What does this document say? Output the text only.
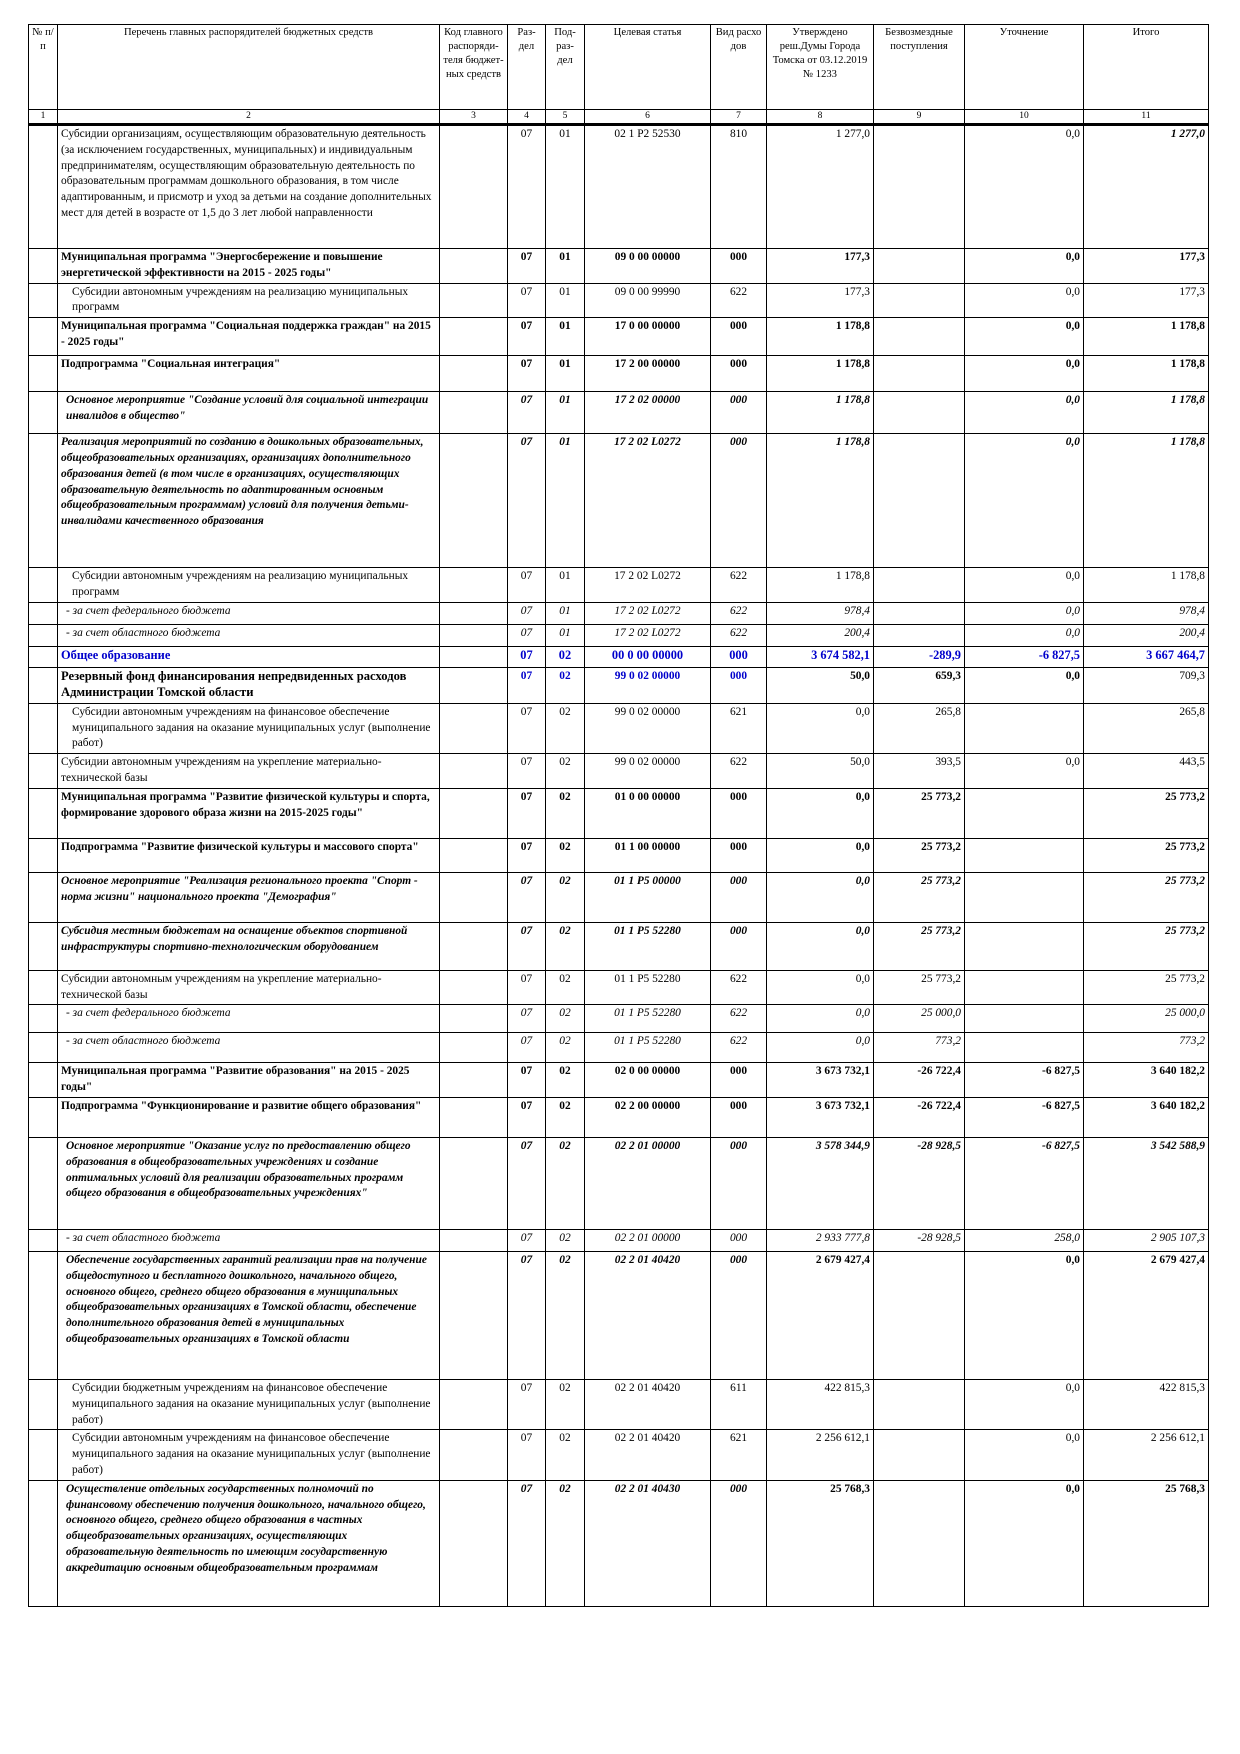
№ п/п	Перечень главных распорядителей бюджетных средств	Код главного распоряди-теля бюджет-ных средств	Раз-дел	Под-раз-дел	Целевая статья	Вид расхо дов	Утверждено реш.Думы Города Томска от 03.12.2019 № 1233	Безвозмездные поступления	Уточнение	Итого
1	2	3	4	5	6	7	8	9	10	11
	Субсидии организациям, осуществляющим образовательную деятельность (за исключением государственных, муниципальных) и индивидуальным предпринимателям, осуществляющим образовательную деятельность по образовательным программам дошкольного образования, в том числе адаптированным, и присмотр и уход за детьми на создание дополнительных мест для детей в возрасте от 1,5 до 3 лет любой направленности		07	01	02 1 P2 52530	810	1 277,0		0,0	1 277,0
	Муниципальная программа "Энергосбережение и повышение энергетической эффективности на 2015 - 2025 годы"		07	01	09 0 00 00000	000	177,3		0,0	177,3
	Субсидии автономным учреждениям на реализацию муниципальных программ		07	01	09 0 00 99990	622	177,3		0,0	177,3
	Муниципальная программа "Социальная поддержка граждан" на 2015 - 2025 годы"		07	01	17 0 00 00000	000	1 178,8		0,0	1 178,8
	Подпрограмма "Социальная интеграция"		07	01	17 2 00 00000	000	1 178,8		0,0	1 178,8
	Основное мероприятие "Создание условий для социальной интеграции инвалидов в общество"		07	01	17 2 02 00000	000	1 178,8		0,0	1 178,8
	Реализация мероприятий по созданию в дошкольных образовательных, общеобразовательных организациях, организациях дополнительного образования детей (в том числе в организациях, осуществляющих образовательную деятельность по адаптированным основным общеобразовательным программам) условий для получения детьми-инвалидами качественного образования		07	01	17 2 02 L0272	000	1 178,8		0,0	1 178,8
	Субсидии автономным учреждениям на реализацию муниципальных программ		07	01	17 2 02 L0272	622	1 178,8		0,0	1 178,8
	- за счет федерального бюджета		07	01	17 2 02 L0272	622	978,4		0,0	978,4
	- за счет областного бюджета		07	01	17 2 02 L0272	622	200,4		0,0	200,4
	Общее образование		07	02	00 0 00 00000	000	3 674 582,1	-289,9	-6 827,5	3 667 464,7
	Резервный фонд финансирования непредвиденных расходов Администрации Томской области		07	02	99 0 02 00000	000	50,0	659,3	0,0	709,3
	Субсидии автономным учреждениям на финансовое обеспечение муниципального задания на оказание муниципальных услуг (выполнение работ)		07	02	99 0 02 00000	621	0,0	265,8		265,8
	Субсидии автономным учреждениям на укрепление материально-технической базы		07	02	99 0 02 00000	622	50,0	393,5	0,0	443,5
	Муниципальная программа "Развитие физической культуры и спорта, формирование здорового образа жизни на 2015-2025 годы"		07	02	01 0 00 00000	000	0,0	25 773,2		25 773,2
	Подпрограмма "Развитие физической культуры и массового спорта"		07	02	01 1 00 00000	000	0,0	25 773,2		25 773,2
	Основное мероприятие "Реализация регионального проекта "Спорт - норма жизни" национального проекта "Демография"		07	02	01 1 P5 00000	000	0,0	25 773,2		25 773,2
	Субсидия местным бюджетам на оснащение объектов спортивной инфраструктуры спортивно-технологическим оборудованием		07	02	01 1 P5 52280	000	0,0	25 773,2		25 773,2
	Субсидии автономным учреждениям на укрепление материально-технической базы		07	02	01 1 P5 52280	622	0,0	25 773,2		25 773,2
	- за счет федерального бюджета		07	02	01 1 P5 52280	622	0,0	25 000,0		25 000,0
	- за счет областного бюджета		07	02	01 1 P5 52280	622	0,0	773,2		773,2
	Муниципальная программа "Развитие образования" на 2015 - 2025 годы"		07	02	02 0 00 00000	000	3 673 732,1	-26 722,4	-6 827,5	3 640 182,2
	Подпрограмма "Функционирование и развитие общего образования"		07	02	02 2 00 00000	000	3 673 732,1	-26 722,4	-6 827,5	3 640 182,2
	Основное мероприятие "Оказание услуг по предоставлению общего образования в общеобразовательных учреждениях и создание оптимальных условий для реализации образовательных программ общего образования в общеобразовательных учреждениях"		07	02	02 2 01 00000	000	3 578 344,9	-28 928,5	-6 827,5	3 542 588,9
	- за счет областного бюджета		07	02	02 2 01 00000	000	2 933 777,8	-28 928,5	258,0	2 905 107,3
	Обеспечение государственных гарантий реализации прав на получение общедоступного и бесплатного дошкольного, начального общего, основного общего, среднего общего образования в муниципальных общеобразовательных организациях в Томской области, обеспечение дополнительного образования детей в муниципальных общеобразовательных организациях в Томской области		07	02	02 2 01 40420	000	2 679 427,4		0,0	2 679 427,4
	Субсидии бюджетным учреждениям на финансовое обеспечение муниципального задания на оказание муниципальных услуг (выполнение работ)		07	02	02 2 01 40420	611	422 815,3		0,0	422 815,3
	Субсидии автономным учреждениям на финансовое обеспечение муниципального задания на оказание муниципальных услуг (выполнение работ)		07	02	02 2 01 40420	621	2 256 612,1		0,0	2 256 612,1
	Осуществление отдельных государственных полномочий по финансовому обеспечению получения дошкольного, начального общего, основного общего, среднего общего образования в частных общеобразовательных организациях, осуществляющих образовательную деятельность по имеющим государственную аккредитацию основным общеобразовательным программам		07	02	02 2 01 40430	000	25 768,3		0,0	25 768,3
